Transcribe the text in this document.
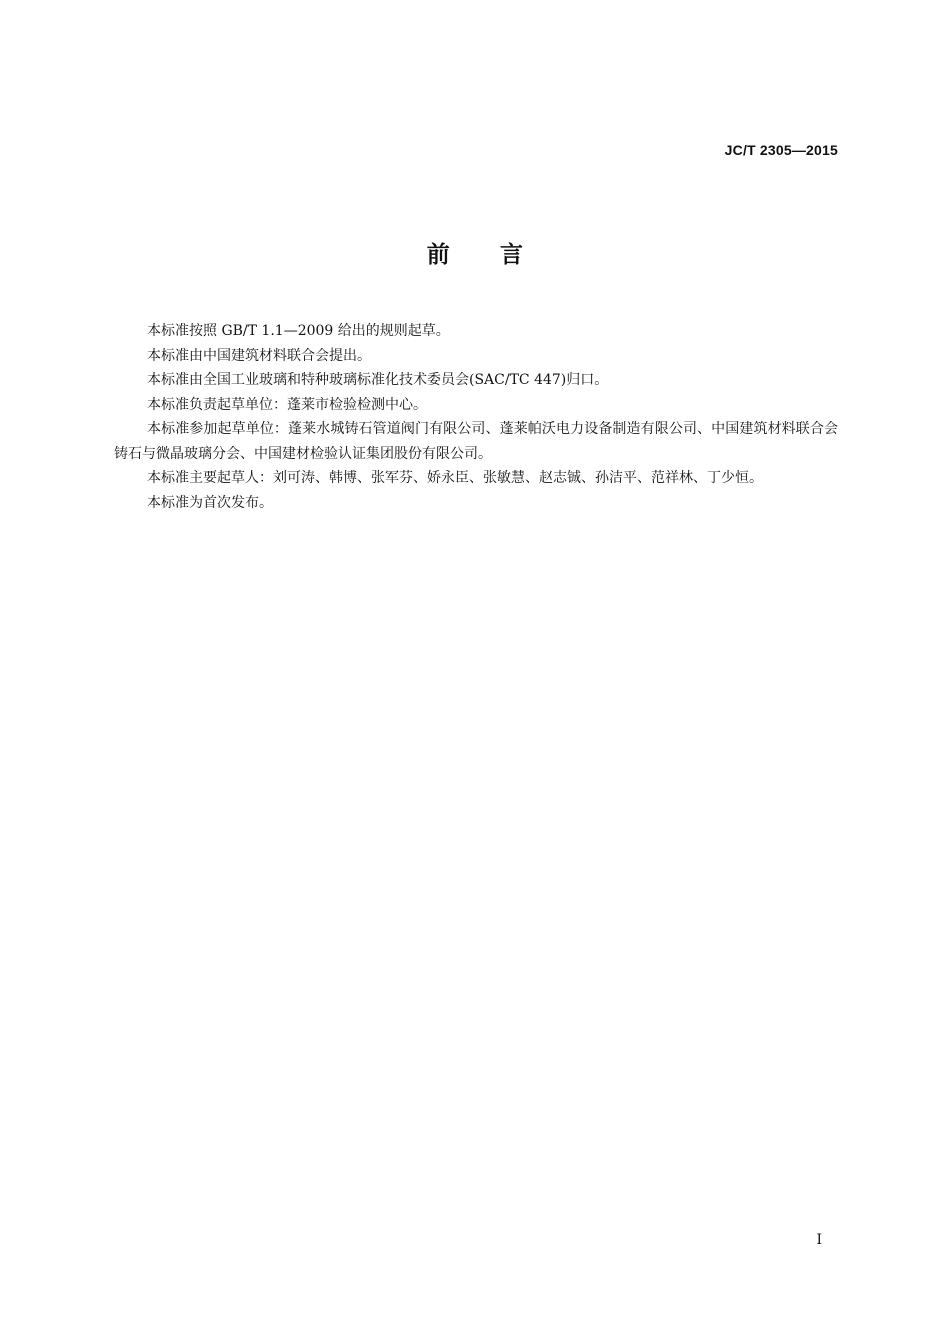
JC/T 2305—2015
前 言

本标准按照 GB/T 1.1—2009 给出的规则起草。

本标准由中国建筑材料联合会提出。

本标准由全国工业玻璃和特种玻璃标准化技术委员会(SAC/TC 447)归口。

本标准负责起草单位：蓬莱市检验检测中心。

本标准参加起草单位：蓬莱水城铸石管道阀门有限公司、蓬莱帕沃电力设备制造有限公司、中国建筑材料联合会铸石与微晶玻璃分会、中国建材检验认证集团股份有限公司。

本标准主要起草人：刘可涛、韩博、张军芬、娇永臣、张敏慧、赵志铖、孙洁平、范祥林、丁少恒。

本标准为首次发布。

I
